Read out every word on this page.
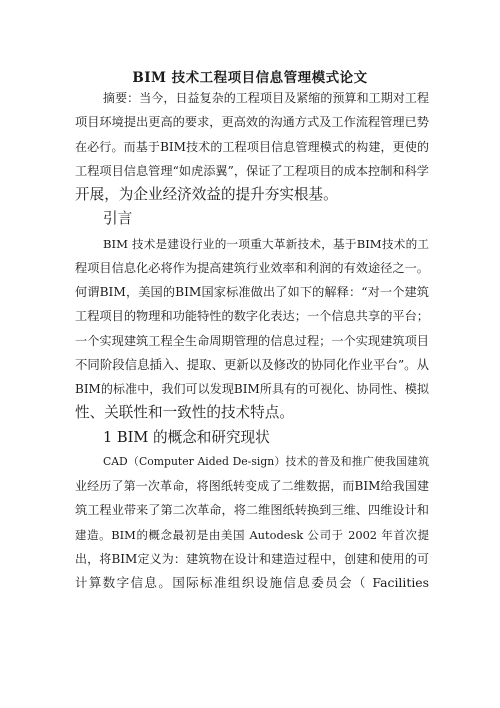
BIM 技术工程项目信息管理模式论文
摘要：当今，日益复杂的工程项目及紧缩的预算和工期对工程
项目环境提出更高的要求，更高效的沟通方式及工作流程管理已势
在必行。而基于BIM技术的工程项目信息管理模式的构建，更使的
工程项目信息管理“如虎添翼”，保证了工程项目的成本控制和科学
开展，为企业经济效益的提升夯实根基。
引言
BIM 技术是建设行业的一项重大革新技术，基于BIM技术的工
程项目信息化必将作为提高建筑行业效率和利润的有效途径之一。
何谓BIM，美国的BIM国家标准做出了如下的解释：“对一个建筑
工程项目的物理和功能特性的数字化表达；一个信息共享的平台；
一个实现建筑工程全生命周期管理的信息过程；一个实现建筑项目
不同阶段信息插入、提取、更新以及修改的协同化作业平台”。从
BIM的标准中，我们可以发现BIM所具有的可视化、协同性、模拟
性、关联性和一致性的技术特点。
1 BIM 的概念和研究现状
CAD（Computer Aided De-sign）技术的普及和推广使我国建筑
业经历了第一次革命，将图纸转变成了二维数据，而BIM给我国建
筑工程业带来了第二次革命，将二维图纸转换到三维、四维设计和
建造。BIM的概念最初是由美国 Autodesk 公司于 2002 年首次提
出，将BIM定义为：建筑物在设计和建造过程中，创建和使用的可
计算数字信息。国际标准组织设施信息委员会（ Facilities
